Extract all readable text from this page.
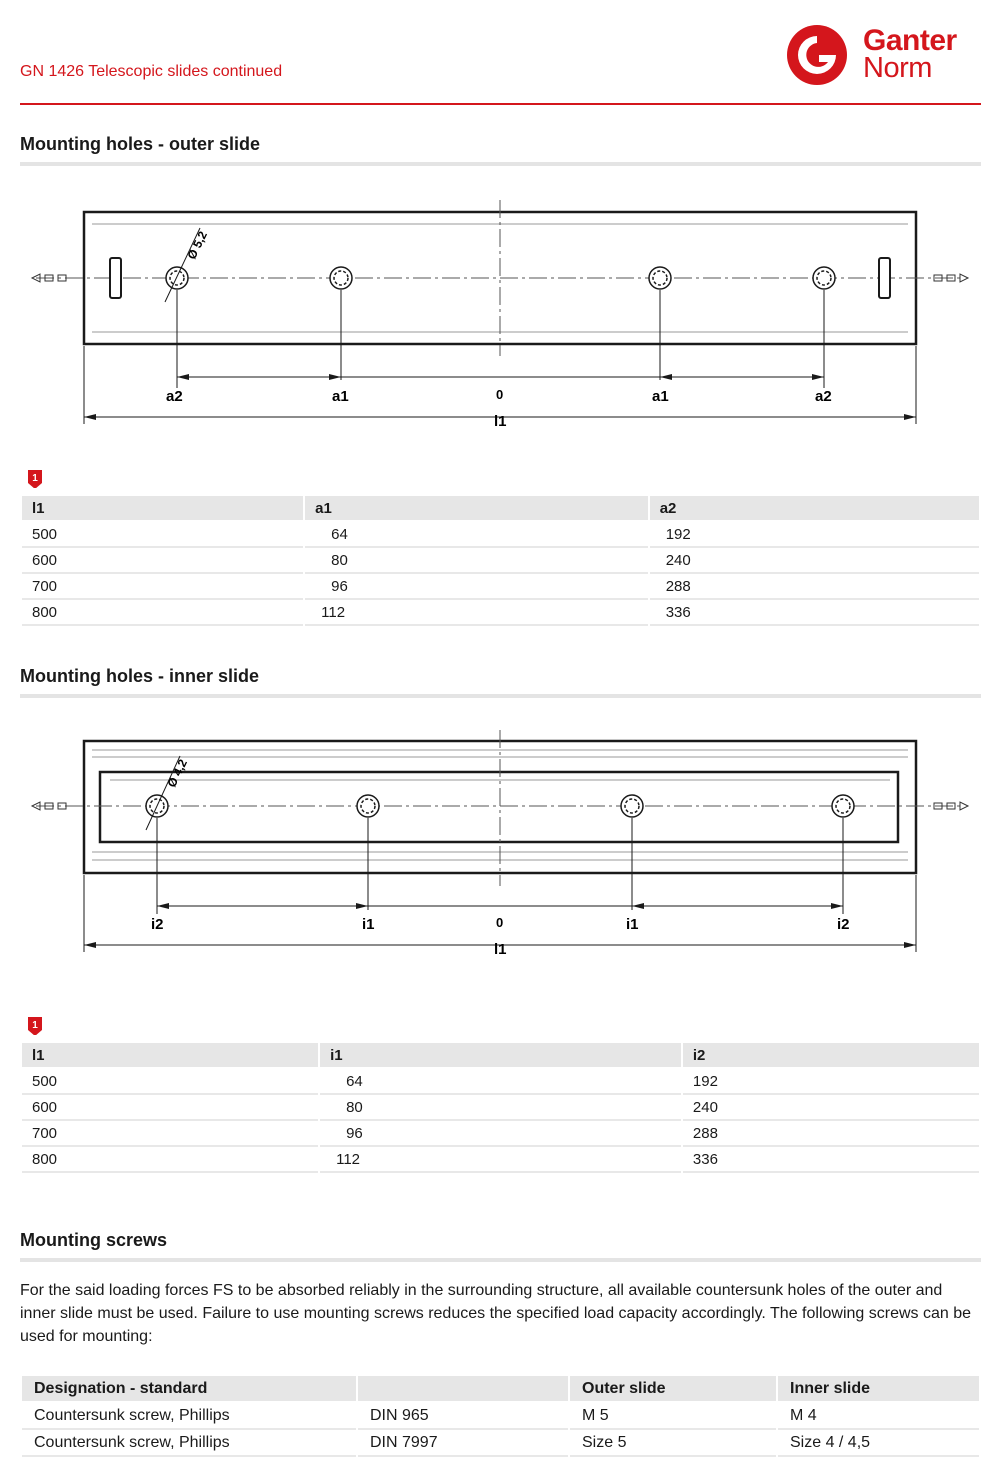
GN 1426 Telescopic slides continued
Ganter
Norm
Mounting holes - outer slide
Ø 5,2
a2	a1	0	a1	a2
l1
1
l1	a1	a2
500	64	192
600	80	240
700	96	288
800	112	336
Mounting holes - inner slide
Ø 4,2
i2	i1	0	i1	i2
l1
1
l1	i1	i2
500	64	192
600	80	240
700	96	288
800	112	336
Mounting screws
For the said loading forces FS to be absorbed reliably in the surrounding structure, all available countersunk holes of the outer and inner slide must be used. Failure to use mounting screws reduces the specified load capacity accordingly. The following screws can be used for mounting:
Designation - standard		Outer slide	Inner slide
Countersunk screw, Phillips	DIN 965	M 5	M 4
Countersunk screw, Phillips	DIN 7997	Size 5	Size 4 / 4,5
